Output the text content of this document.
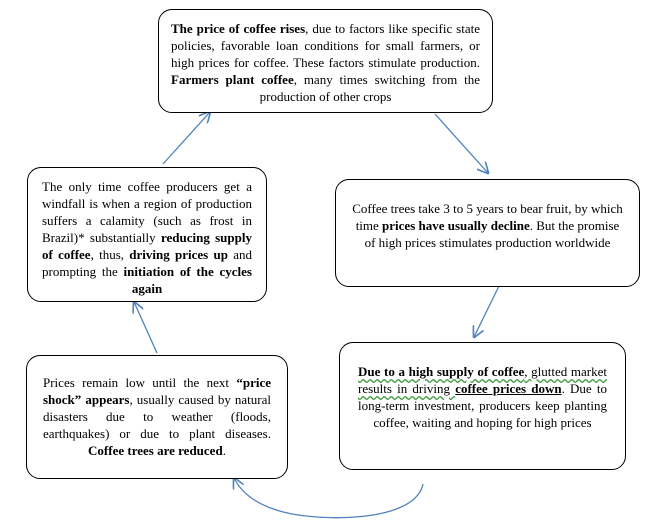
The price of coffee rises, due to factors like specific state policies, favorable loan conditions for small farmers, or high prices for coffee. These factors stimulate production. Farmers plant coffee, many times switching from the production of other crops
Coffee trees take 3 to 5 years to bear fruit, by which time prices have usually decline. But the promise of high prices stimulates production worldwide
Due to a high supply of coffee, glutted market results in driving coffee prices down. Due to long-term investment, producers keep planting coffee, waiting and hoping for high prices
Prices remain low until the next “price shock” appears, usually caused by natural disasters due to weather (floods, earthquakes) or due to plant diseases. Coffee trees are reduced.
The only time coffee producers get a windfall is when a region of production suffers a calamity (such as frost in Brazil)* substantially reducing supply of coffee, thus, driving prices up and prompting the initiation of the cycles again
